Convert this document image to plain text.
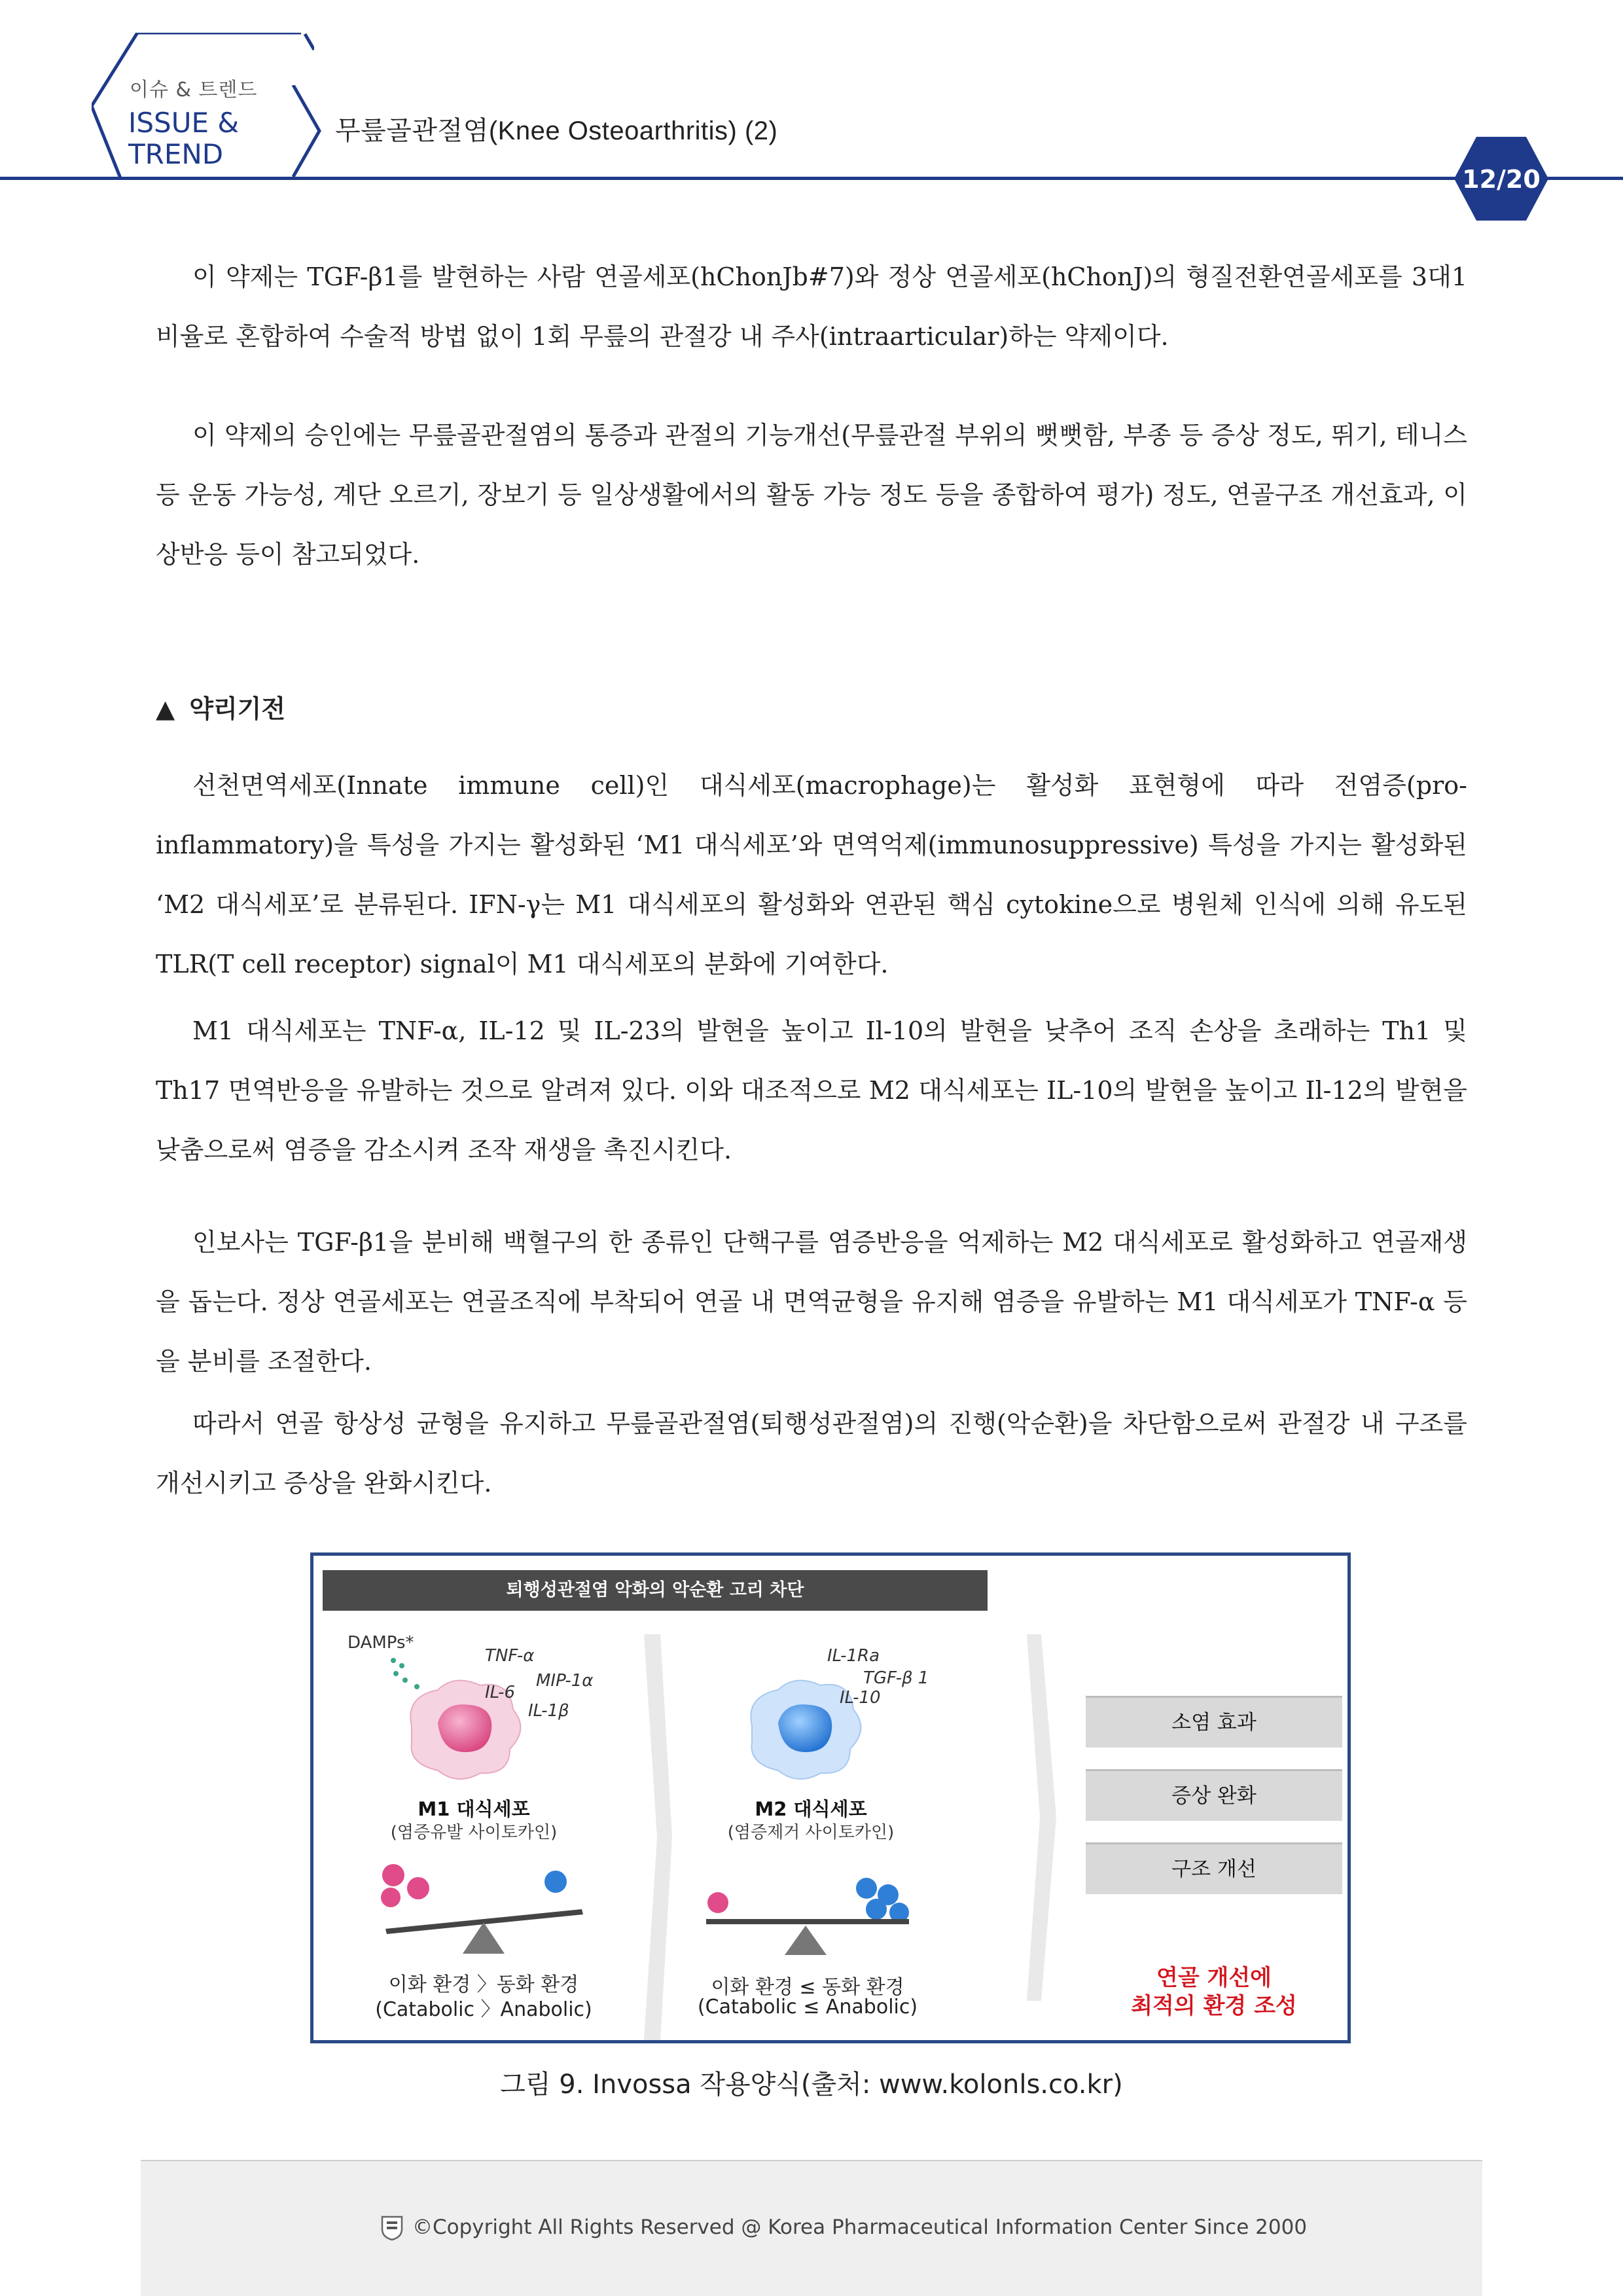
이슈 & 트렌드
ISSUE &
TREND
무릎골관절염(Knee Osteoarthritis) (2)
12/20
이 약제는 TGF-β1를 발현하는 사람 연골세포(hChonJb#7)와 정상 연골세포(hChonJ)의 형질전환연골세포를 3대1 비율로 혼합하여 수술적 방법 없이 1회 무릎의 관절강 내 주사(intraarticular)하는 약제이다.
이 약제의 승인에는 무릎골관절염의 통증과 관절의 기능개선(무릎관절 부위의 뻣뻣함, 부종 등 증상 정도, 뛰기, 테니스 등 운동 가능성, 계단 오르기, 장보기 등 일상생활에서의 활동 가능 정도 등을 종합하여 평가) 정도, 연골구조 개선효과, 이상반응 등이 참고되었다.
▲ 약리기전
선천면역세포(Innate immune cell)인 대식세포(macrophage)는 활성화 표현형에 따라 전염증(pro-inflammatory)을 특성을 가지는 활성화된 ‘M1 대식세포’와 면역억제(immunosuppressive) 특성을 가지는 활성화된 ‘M2 대식세포’로 분류된다. IFN-γ는 M1 대식세포의 활성화와 연관된 핵심 cytokine으로 병원체 인식에 의해 유도된 TLR(T cell receptor) signal이 M1 대식세포의 분화에 기여한다.
M1 대식세포는 TNF-α, IL-12 및 IL-23의 발현을 높이고 Il-10의 발현을 낮추어 조직 손상을 초래하는 Th1 및 Th17 면역반응을 유발하는 것으로 알려져 있다. 이와 대조적으로 M2 대식세포는 IL-10의 발현을 높이고 Il-12의 발현을 낮춤으로써 염증을 감소시켜 조작 재생을 촉진시킨다.
인보사는 TGF-β1을 분비해 백혈구의 한 종류인 단핵구를 염증반응을 억제하는 M2 대식세포로 활성화하고 연골재생을 돕는다. 정상 연골세포는 연골조직에 부착되어 연골 내 면역균형을 유지해 염증을 유발하는 M1 대식세포가 TNF-α 등을 분비를 조절한다.
따라서 연골 항상성 균형을 유지하고 무릎골관절염(퇴행성관절염)의 진행(악순환)을 차단함으로써 관절강 내 구조를 개선시키고 증상을 완화시킨다.
퇴행성관절염 악화의 악순환 고리 차단
DAMPs*
TNF-α
MIP-1α
IL-6
IL-1β
M1 대식세포
(염증유발 사이토카인)
이화 환경 〉동화 환경
(Catabolic 〉Anabolic)
IL-1Ra
TGF-β 1
IL-10
M2 대식세포
(염증제거 사이토카인)
이화 환경 ≤ 동화 환경
(Catabolic ≤ Anabolic)
소염 효과
증상 완화
구조 개선
연골 개선에
최적의 환경 조성
그림 9. Invossa 작용양식(출처: www.kolonls.co.kr)
©Copyright All Rights Reserved @ Korea Pharmaceutical Information Center Since 2000
